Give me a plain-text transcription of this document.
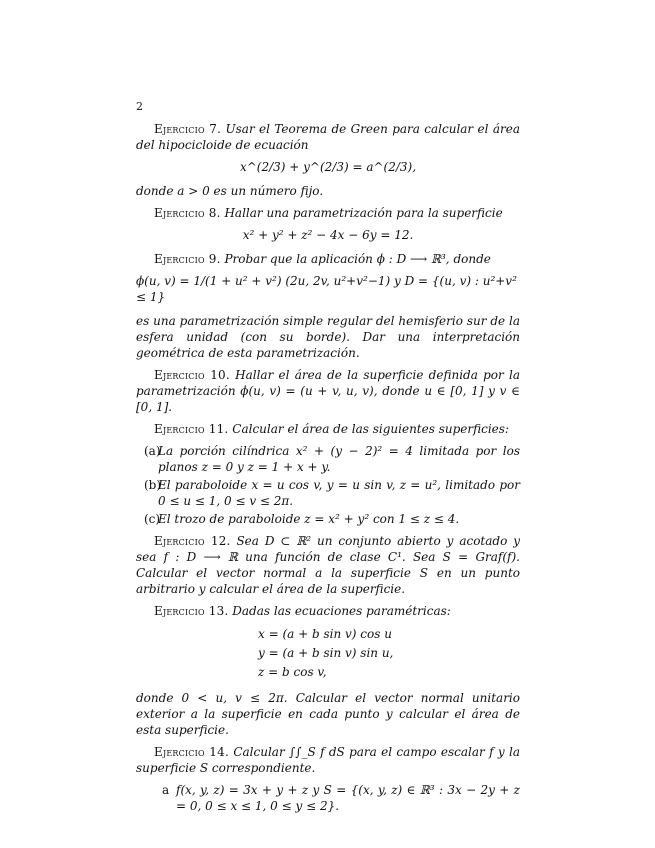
2

Ejercicio 7. Usar el Teorema de Green para calcular el área del hipocicloide de ecuación

x^(2/3) + y^(2/3) = a^(2/3),

donde a > 0 es un número fijo.

Ejercicio 8. Hallar una parametrización para la superficie

x² + y² + z² − 4x − 6y = 12.

Ejercicio 9. Probar que la aplicación ϕ : D ⟶ ℝ³, donde

ϕ(u, v) = 1/(1 + u² + v²) (2u, 2v, u²+v²−1) y D = {(u, v) : u²+v² ≤ 1}

es una parametrización simple regular del hemisferio sur de la esfera unidad (con su borde). Dar una interpretación geométrica de esta parametrización.

Ejercicio 10. Hallar el área de la superficie definida por la parametrización ϕ(u, v) = (u + v, u, v), donde u ∈ [0, 1] y v ∈ [0, 1].

Ejercicio 11. Calcular el área de las siguientes superficies:

(a)
La porción cilíndrica x² + (y − 2)² = 4 limitada por los planos z = 0 y z = 1 + x + y.
(b)
El paraboloide x = u cos v, y = u sin v, z = u², limitado por 0 ≤ u ≤ 1, 0 ≤ v ≤ 2π.
(c)
El trozo de paraboloide z = x² + y² con 1 ≤ z ≤ 4.

Ejercicio 12. Sea D ⊂ ℝ² un conjunto abierto y acotado y sea f : D ⟶ ℝ una función de clase C¹. Sea S = Graf(f). Calcular el vector normal a la superficie S en un punto arbitrario y calcular el área de la superficie.

Ejercicio 13. Dadas las ecuaciones paramétricas:

x = (a + b sin v) cos u
y = (a + b sin v) sin u,
z = b cos v,

donde 0 < u, v ≤ 2π. Calcular el vector normal unitario exterior a la superficie en cada punto y calcular el área de esta superficie.

Ejercicio 14. Calcular ∫∫_S f dS para el campo escalar f y la superficie S correspondiente.

a f(x, y, z) = 3x + y + z y S = {(x, y, z) ∈ ℝ³ : 3x − 2y + z = 0, 0 ≤ x ≤ 1, 0 ≤ y ≤ 2}.
